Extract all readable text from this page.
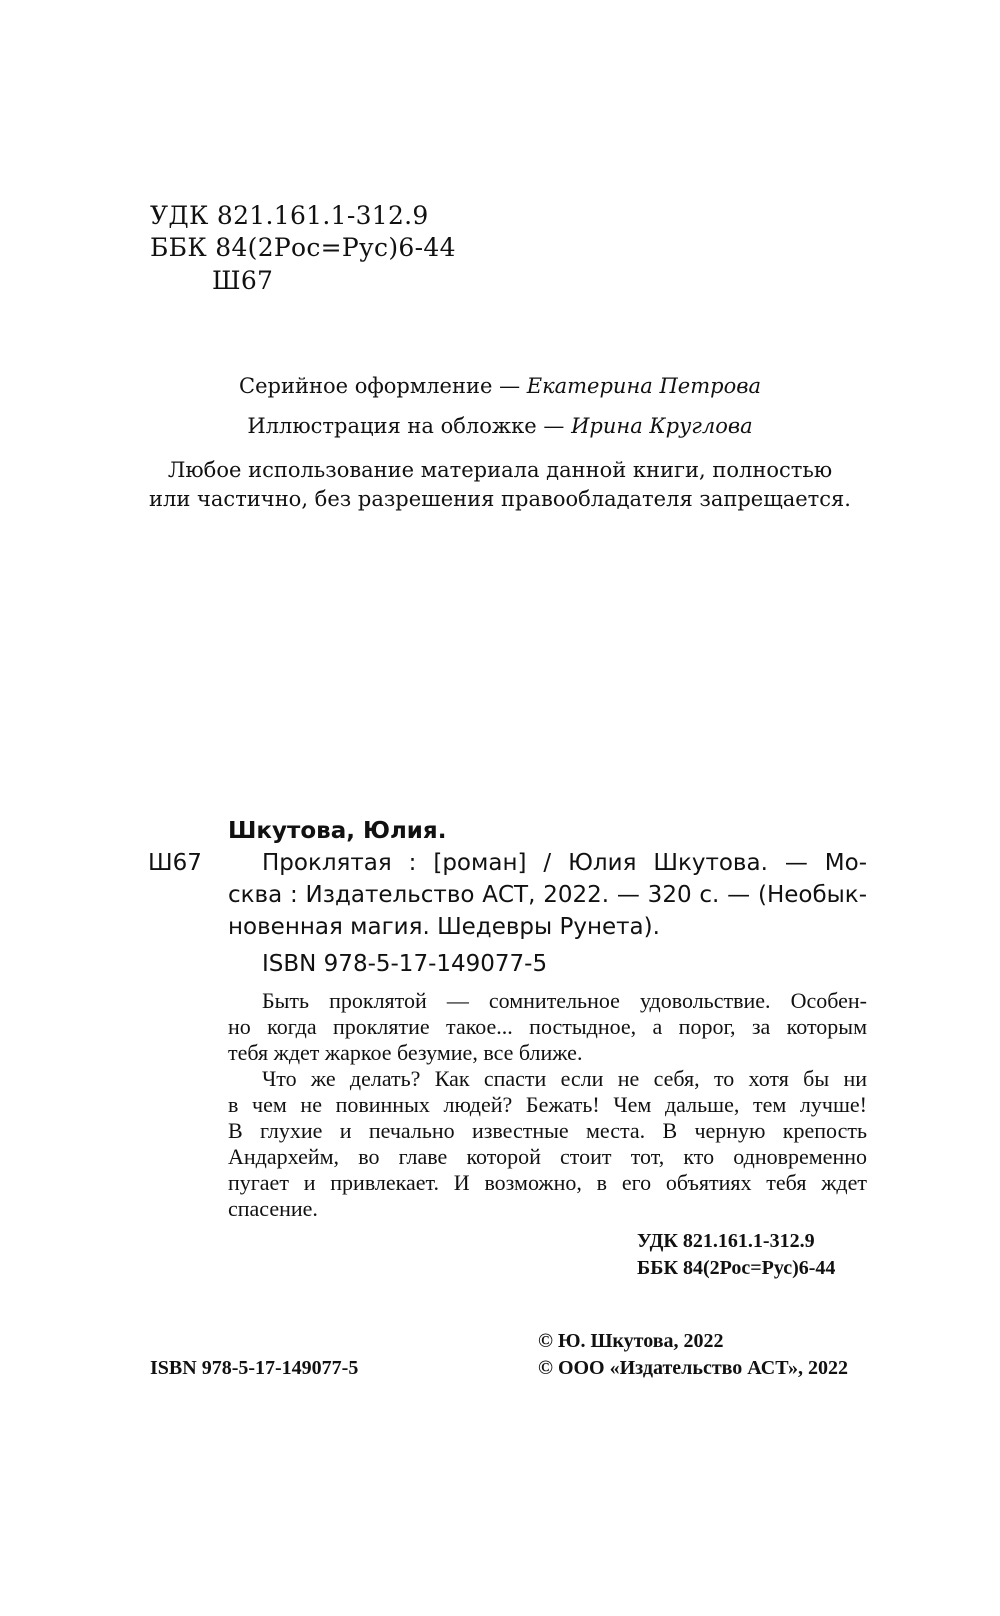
УДК 821.161.1-312.9
ББК 84(2Рос=Рус)6-44
Ш67
Серийное оформление — Екатерина Петрова
Иллюстрация на обложке — Ирина Круглова
Любое использование материала данной книги, полностью
или частично, без разрешения правообладателя запрещается.
Шкутова, Юлия.
Ш67	Проклятая : [роман] / Юлия Шкутова. — Мо-
сква : Издательство АСТ, 2022. — 320 с. — (Необык-
новенная магия. Шедевры Рунета).
ISBN 978-5-17-149077-5
Быть проклятой — сомнительное удовольствие. Особен-
но когда проклятие такое... постыдное, а порог, за которым
тебя ждет жаркое безумие, все ближе.
Что же делать? Как спасти если не себя, то хотя бы ни
в чем не повинных людей? Бежать! Чем дальше, тем лучше!
В глухие и печально известные места. В черную крепость
Андархейм, во главе которой стоит тот, кто одновременно
пугает и привлекает. И возможно, в его объятиях тебя ждет
спасение.
УДК 821.161.1-312.9
ББК 84(2Рос=Рус)6-44
© Ю. Шкутова, 2022
ISBN 978-5-17-149077-5	© ООО «Издательство АСТ», 2022
